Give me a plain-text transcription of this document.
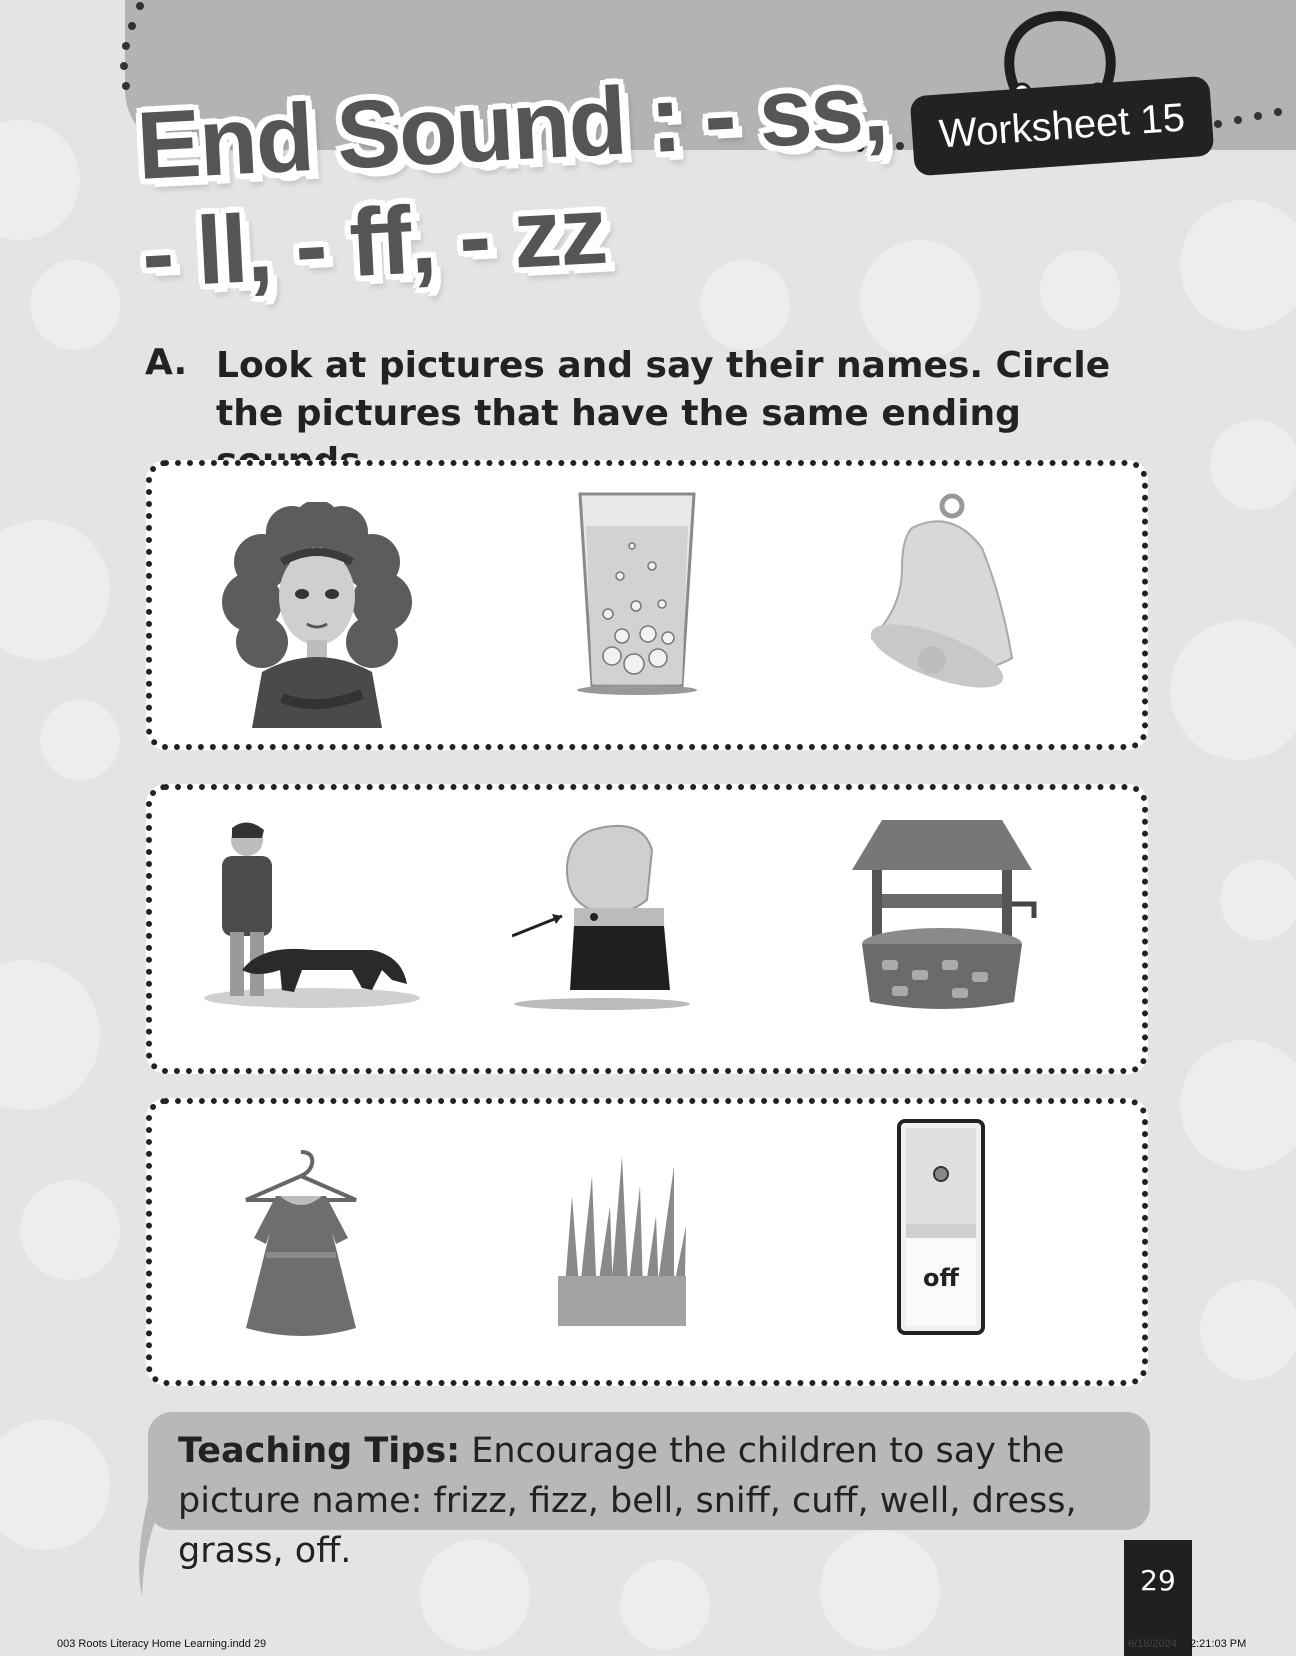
Worksheet 15
End Sound : - ss,
- ll, - ff, - zz
A. Look at pictures and say their names. Circle the pictures that have the same ending
off
Teaching Tips: Encourage the children to say the picture name: frizz, fizz, bell, sniff, cuff, well, dress, grass, off.
29
003 Roots Literacy Home Learning.indd 29	6/18/2024 2:21:03 PM
